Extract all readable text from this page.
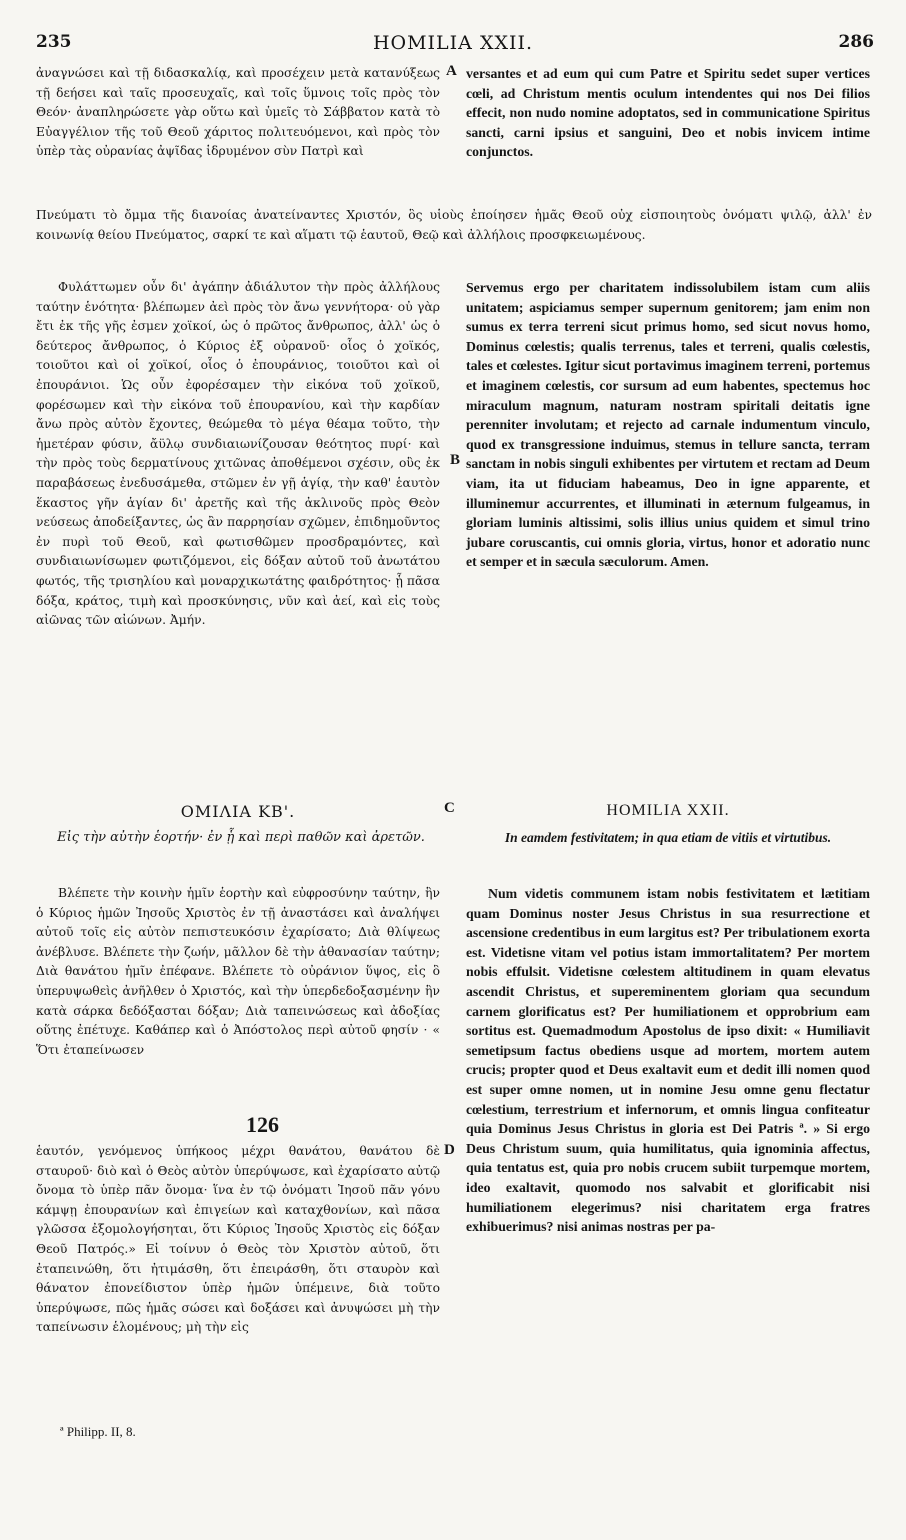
235	HOMILIA XXII.	286

ἀναγνώσει καὶ τῇ διδασκαλίᾳ, καὶ προσέχειν μετὰ κατανύξεως τῇ δεήσει καὶ ταῖς προσευχαῖς, καὶ τοῖς ὕμνοις τοῖς πρὸς τὸν Θεόν· ἀναπληρώσετε γὰρ οὕτω καὶ ὑμεῖς τὸ Σάββατον κατὰ τὸ Εὐαγγέλιον τῆς τοῦ Θεοῦ χάριτος πολιτευόμενοι, καὶ πρὸς τὸν ὑπὲρ τὰς οὐρανίας ἀψῖδας ἱδρυμένον σὺν Πατρὶ καὶ

A versantes et ad eum qui cum Patre et Spiritu sedet super vertices cœli, ad Christum mentis oculum intendentes qui nos Dei filios effecit, non nudo nomine adoptatos, sed in communicatione Spiritus sancti, carni ipsius et sanguini, Deo et nobis invicem intime conjunctos.

Πνεύματι τὸ ὄμμα τῆς διανοίας ἀνατείναντες Χριστόν, ὃς υἱοὺς ἐποίησεν ἡμᾶς Θεοῦ οὐχ εἰσποιητοὺς ὀνόματι ψιλῷ, ἀλλ' ἐν κοινωνίᾳ θείου Πνεύματος, σαρκί τε καὶ αἵματι τῷ ἑαυτοῦ, Θεῷ καὶ ἀλλήλοις προσφκειωμένους.

Φυλάττωμεν οὖν δι' ἀγάπην ἀδιάλυτον τὴν πρὸς ἀλλήλους ταύτην ἑνότητα· βλέπωμεν ἀεὶ πρὸς τὸν ἄνω γεννήτορα· οὐ γὰρ ἔτι ἐκ τῆς γῆς ἐσμεν χοϊκοί, ὡς ὁ πρῶτος ἄνθρωπος, ἀλλ' ὡς ὁ δεύτερος ἄνθρωπος, ὁ Κύριος ἐξ οὐρανοῦ· οἷος ὁ χοϊκός, τοιοῦτοι καὶ οἱ χοϊκοί, οἷος ὁ ἐπουράνιος, τοιοῦτοι καὶ οἱ ἐπουράνιοι. Ὡς οὖν ἐφορέσαμεν τὴν εἰκόνα τοῦ χοϊκοῦ, φορέσωμεν καὶ τὴν εἰκόνα τοῦ ἐπουρανίου, καὶ τὴν καρδίαν ἄνω πρὸς αὐτὸν ἔχοντες, θεώμεθα τὸ μέγα θέαμα τοῦτο, τὴν ἡμετέραν φύσιν, ἄϋλῳ συνδιαιωνίζουσαν θεότητος πυρί· καὶ τὴν πρὸς τοὺς δερματίνους χιτῶνας ἀποθέμενοι σχέσιν, οὓς ἐκ παραβάσεως ἐνεδυσάμεθα, στῶμεν ἐν γῇ ἁγίᾳ, τὴν καθ' ἑαυτὸν ἕκαστος γῆν ἁγίαν δι' ἀρετῆς καὶ τῆς ἀκλινοῦς πρὸς Θεὸν νεύσεως ἀποδείξαντες, ὡς ἂν παρρησίαν σχῶμεν, ἐπιδημοῦντος ἐν πυρὶ τοῦ Θεοῦ, καὶ φωτισθῶμεν προσδραμόντες, καὶ συνδιαιωνίσωμεν φωτιζόμενοι, εἰς δόξαν αὐτοῦ τοῦ ἀνωτάτου φωτός, τῆς τρισηλίου καὶ μοναρχικωτάτης φαιδρότητος· ᾗ πᾶσα δόξα, κράτος, τιμὴ καὶ προσκύνησις, νῦν καὶ ἀεί, καὶ εἰς τοὺς αἰῶνας τῶν αἰώνων. Ἀμήν.

B

Servemus ergo per charitatem indissolubilem istam cum aliis unitatem; aspiciamus semper supernum genitorem; jam enim non sumus ex terra terreni sicut primus homo, sed sicut novus homo, Dominus cœlestis; qualis terrenus, tales et terreni, qualis cœlestis, tales et cœlestes. Igitur sicut portavimus imaginem terreni, portemus et imaginem cœlestis, cor sursum ad eum habentes, spectemus hoc miraculum magnum, naturam nostram spiritali deitatis igne perenniter involutam; et rejecto ad carnale indumentum vinculo, quod ex transgressione induimus, stemus in tellure sancta, terram sanctam in nobis singuli exhibentes per virtutem et rectam ad Deum viam, ita ut fiduciam habeamus, Deo in igne apparente, et illuminemur accurrentes, et illuminati in æternum fulgeamus, in gloriam luminis altissimi, solis illius unius quidem et simul trino jubare coruscantis, cui omnis gloria, virtus, honor et adoratio nunc et semper et in sæcula sæculorum. Amen.

ΟΜΙΛΙΑ ΚΒ'.	C	HOMILIA XXII.
Εἰς τὴν αὐτὴν ἑορτήν· ἐν ᾗ καὶ περὶ παθῶν καὶ ἀρετῶν.	In eamdem festivitatem; in qua etiam de vitiis et virtutibus.

Βλέπετε τὴν κοινὴν ἡμῖν ἑορτὴν καὶ εὐφροσύνην ταύτην, ἣν ὁ Κύριος ἡμῶν Ἰησοῦς Χριστὸς ἐν τῇ ἀναστάσει καὶ ἀναλήψει αὐτοῦ τοῖς εἰς αὐτὸν πεπιστευκόσιν ἐχαρίσατο; Διὰ θλίψεως ἀνέβλυσε. Βλέπετε τὴν ζωήν, μᾶλλον δὲ τὴν ἀθανασίαν ταύτην; Διὰ θανάτου ἡμῖν ἐπέφανε. Βλέπετε τὸ οὐράνιον ὕψος, εἰς ὃ ὑπερυψωθεὶς ἀνῆλθεν ὁ Χριστός, καὶ τὴν ὑπερδεδοξασμένην ἣν κατὰ σάρκα δεδόξασται δόξαν; Διὰ ταπεινώσεως καὶ ἀδοξίας οὕτης ἐπέτυχε. Καθάπερ καὶ ὁ Ἀπόστολος περὶ αὐτοῦ φησίν · « Ὅτι ἐταπείνωσεν

126

ἑαυτόν, γενόμενος ὑπήκοος μέχρι θανάτου, θανάτου δὲ σταυροῦ· διὸ καὶ ὁ Θεὸς αὐτὸν ὑπερύψωσε, καὶ ἐχαρίσατο αὐτῷ ὄνομα τὸ ὑπὲρ πᾶν ὄνομα· ἵνα ἐν τῷ ὀνόματι Ἰησοῦ πᾶν γόνυ κάμψῃ ἐπουρανίων καὶ ἐπιγείων καὶ καταχθονίων, καὶ πᾶσα γλῶσσα ἐξομολογήσηται, ὅτι Κύριος Ἰησοῦς Χριστὸς εἰς δόξαν Θεοῦ Πατρός.» Εἰ τοίνυν ὁ Θεὸς τὸν Χριστὸν αὐτοῦ, ὅτι ἐταπεινώθη, ὅτι ἠτιμάσθη, ὅτι ἐπειράσθη, ὅτι σταυρὸν καὶ θάνατον ἐπονείδιστον ὑπὲρ ἡμῶν ὑπέμεινε, διὰ τοῦτο ὑπερύψωσε, πῶς ἡμᾶς σώσει καὶ δοξάσει καὶ ἀνυψώσει μὴ τὴν ταπείνωσιν ἑλομένους; μὴ τὴν εἰς

D

Num videtis communem istam nobis festivitatem et lætitiam quam Dominus noster Jesus Christus in sua resurrectione et ascensione credentibus in eum largitus est? Per tribulationem exorta est. Videtisne vitam vel potius istam immortalitatem? Per mortem nobis effulsit. Videtisne cœlestem altitudinem in quam elevatus ascendit Christus, et supereminentem gloriam qua secundum carnem glorificatus est? Per humiliationem et opprobrium eam sortitus est. Quemadmodum Apostolus de ipso dixit: « Humiliavit semetipsum factus obediens usque ad mortem, mortem autem crucis; propter quod et Deus exaltavit eum et dedit illi nomen quod est super omne nomen, ut in nomine Jesu omne genu flectatur cœlestium, terrestrium et infernorum, et omnis lingua confiteatur quia Dominus Jesus Christus in gloria est Dei Patris ª. » Si ergo Deus Christum suum, quia humilitatus, quia ignominia affectus, quia tentatus est, quia pro nobis crucem subiit turpemque mortem, ideo exaltavit, quomodo nos salvabit et glorificabit nisi humiliationem elegerimus? nisi charitatem erga fratres exhibuerimus? nisi animas nostras per pa-

ª Philipp. II, 8.
